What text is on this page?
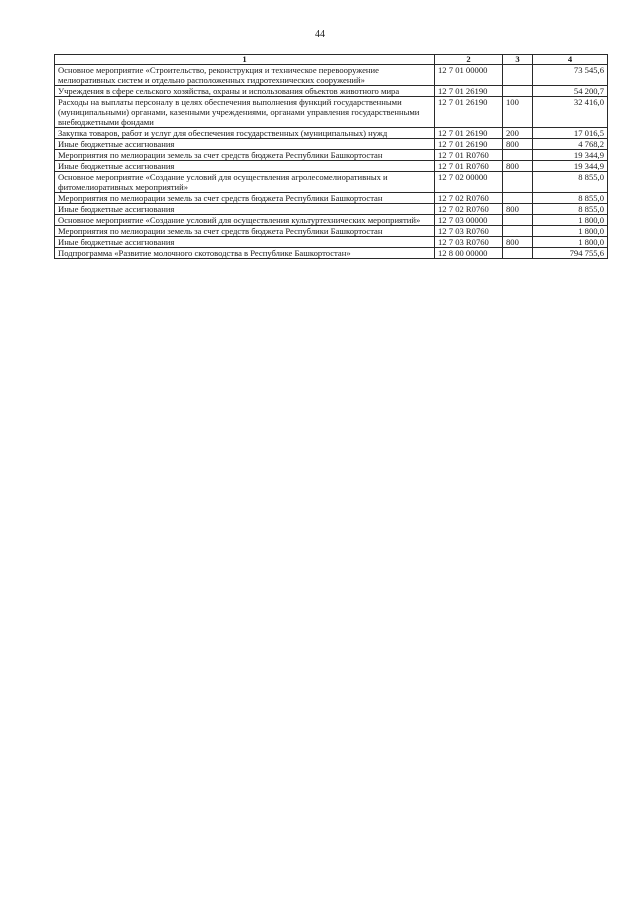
44
1	2	3	4
Основное мероприятие «Строительство, реконструкция и техническое перевооружение мелиоративных систем и отдельно расположенных гидротехнических сооружений»	12 7 01 00000		73 545,6
Учреждения в сфере сельского хозяйства, охраны и использования объектов животного мира	12 7 01 26190		54 200,7
Расходы на выплаты персоналу в целях обеспечения выполнения функций государственными (муниципальными) органами, казенными учреждениями, органами управления государственными внебюджетными фондами	12 7 01 26190	100	32 416,0
Закупка товаров, работ и услуг для обеспечения государственных (муниципальных) нужд	12 7 01 26190	200	17 016,5
Иные бюджетные ассигнования	12 7 01 26190	800	4 768,2
Мероприятия по мелиорации земель за счет средств бюджета Республики Башкортостан	12 7 01 R0760		19 344,9
Иные бюджетные ассигнования	12 7 01 R0760	800	19 344,9
Основное мероприятие «Создание условий для осуществления агролесомелиоративных и фитомелиоративных мероприятий»	12 7 02 00000		8 855,0
Мероприятия по мелиорации земель за счет средств бюджета Республики Башкортостан	12 7 02 R0760		8 855,0
Иные бюджетные ассигнования	12 7 02 R0760	800	8 855,0
Основное мероприятие «Создание условий для осуществления культуртехнических мероприятий»	12 7 03 00000		1 800,0
Мероприятия по мелиорации земель за счет средств бюджета Республики Башкортостан	12 7 03 R0760		1 800,0
Иные бюджетные ассигнования	12 7 03 R0760	800	1 800,0
Подпрограмма «Развитие молочного скотоводства в Республике Башкортостан»	12 8 00 00000		794 755,6
